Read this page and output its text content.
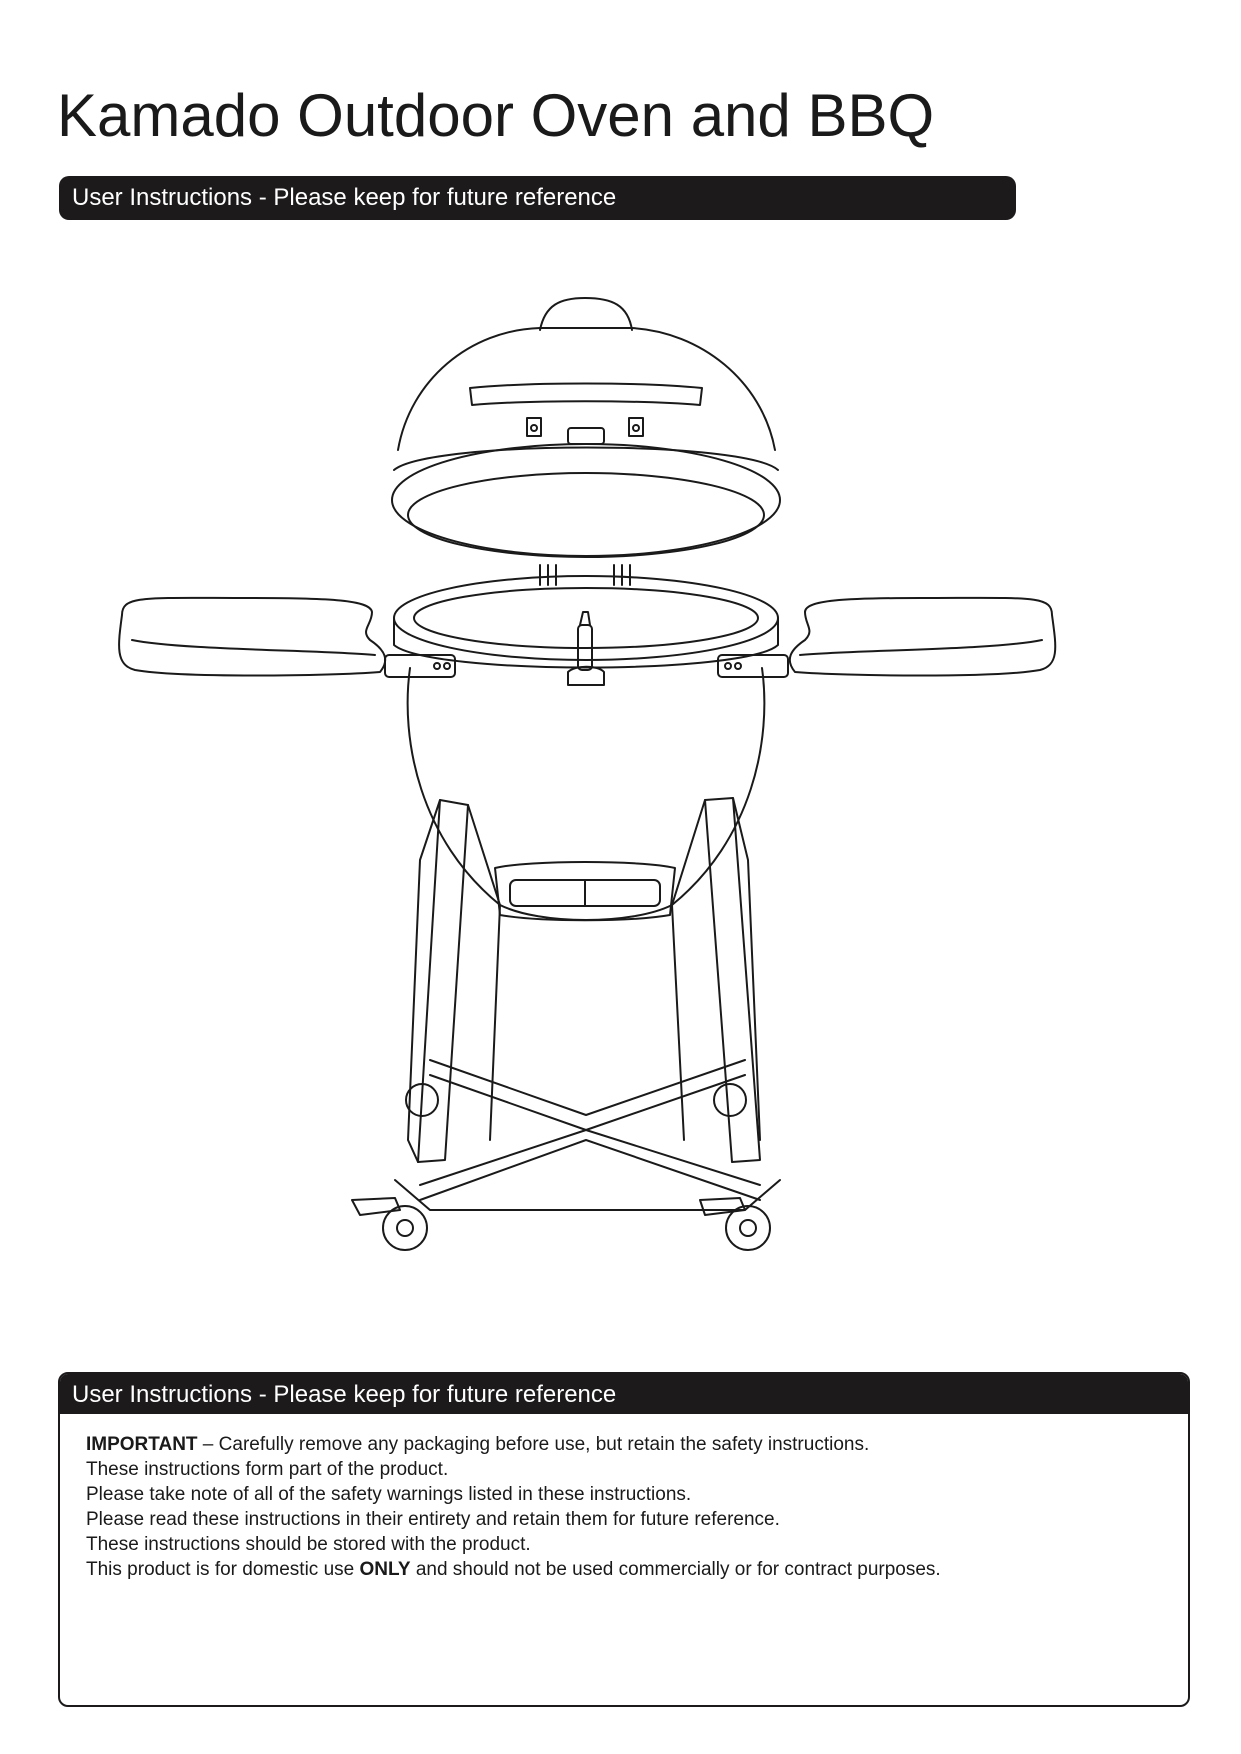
Kamado Outdoor Oven and BBQ
User Instructions - Please keep for future reference
User Instructions - Please keep for future reference

IMPORTANT – Carefully remove any packaging before use, but retain the safety instructions.

These instructions form part of the product.

Please take note of all of the safety warnings listed in these instructions.

Please read these instructions in their entirety and retain them for future reference.

These instructions should be stored with the product.

This product is for domestic use ONLY and should not be used commercially or for contract purposes.
